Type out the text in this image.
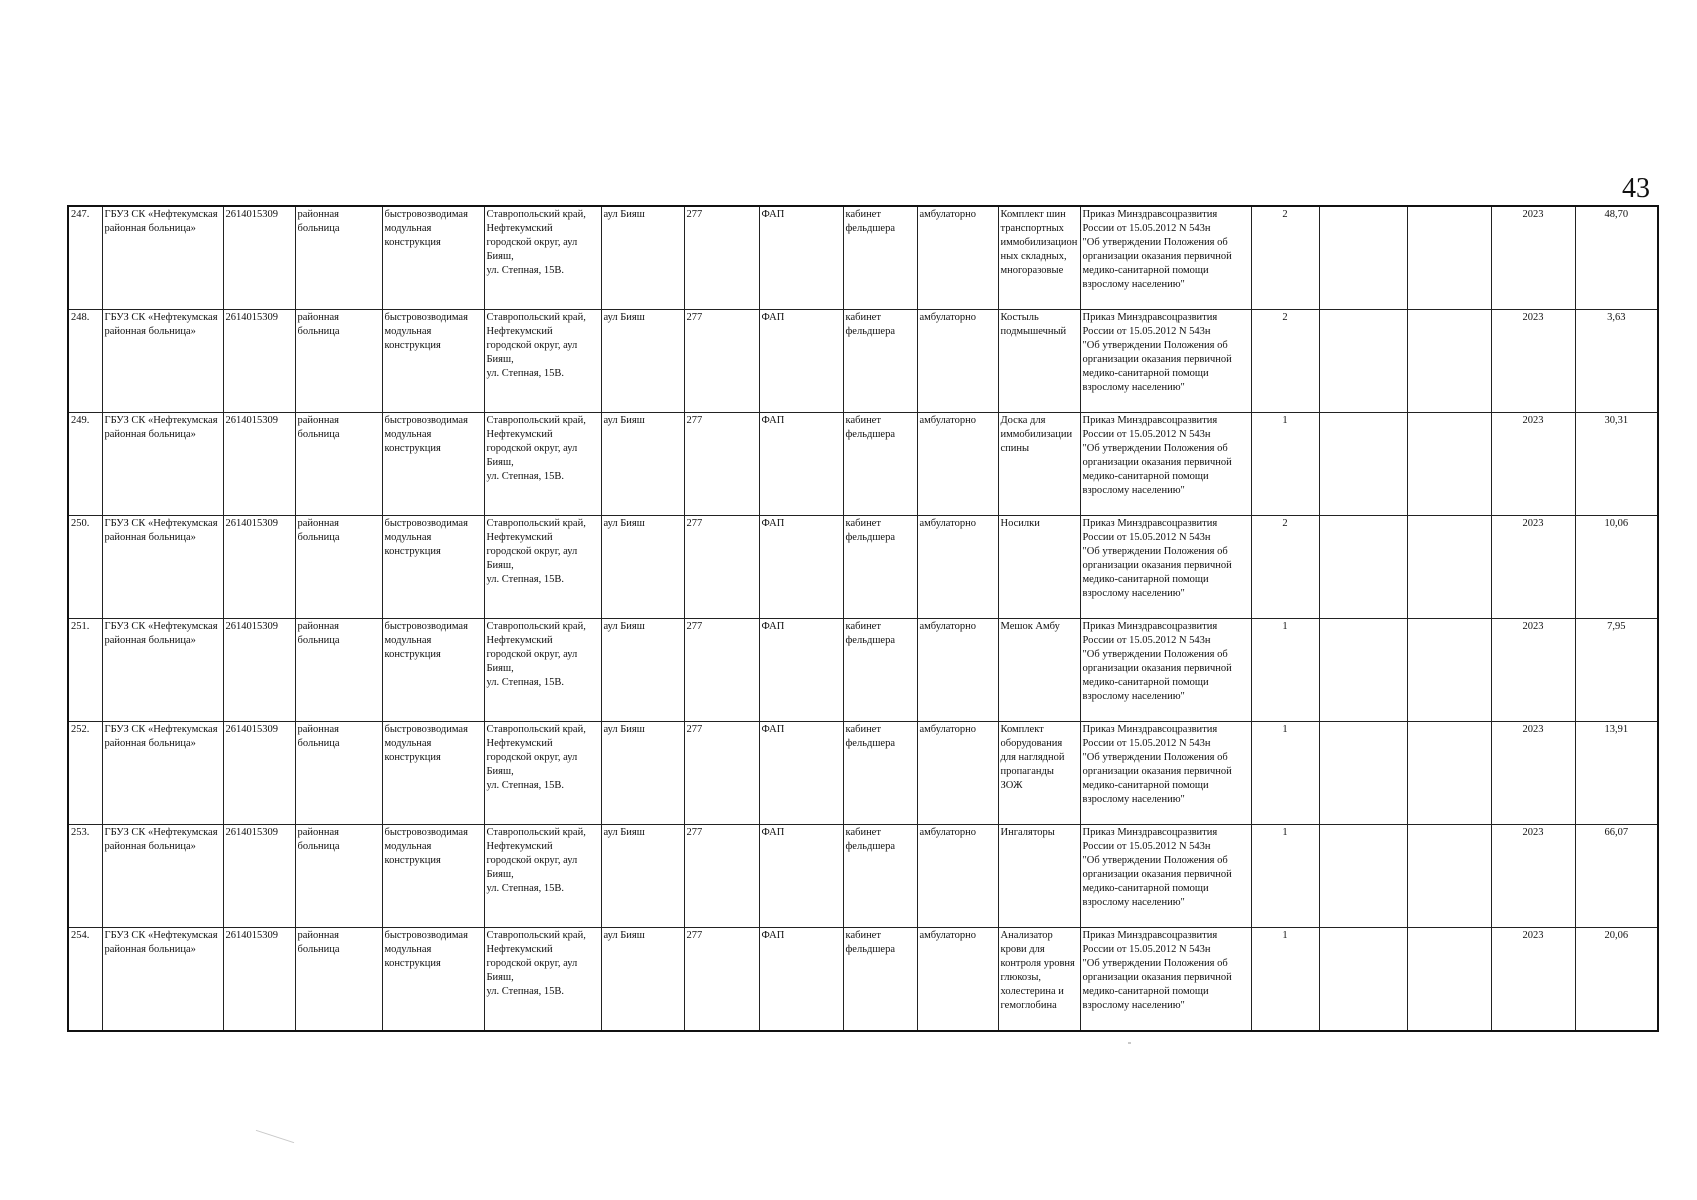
43
247.	ГБУЗ СК «Нефтекумская районная больница»	2614015309	районная больница	быстровозводимая модульная конструкция	Ставропольский край,
Нефтекумский городской округ, аул Бияш,
ул. Степная, 15В.	аул Бияш	277	ФАП	кабинет фельдшера	амбулаторно	Комплект шин транспортных иммобилизацион ных складных, многоразовые	Приказ Минздравсоцразвития России от 15.05.2012 N 543н
"Об утверждении Положения об организации оказания первичной медико-санитарной помощи взрослому населению"	2			2023	48,70
248.	ГБУЗ СК «Нефтекумская районная больница»	2614015309	районная больница	быстровозводимая модульная конструкция	Ставропольский край,
Нефтекумский городской округ, аул Бияш,
ул. Степная, 15В.	аул Бияш	277	ФАП	кабинет фельдшера	амбулаторно	Костыль подмышечный	Приказ Минздравсоцразвития России от 15.05.2012 N 543н
"Об утверждении Положения об организации оказания первичной медико-санитарной помощи взрослому населению"	2			2023	3,63
249.	ГБУЗ СК «Нефтекумская районная больница»	2614015309	районная больница	быстровозводимая модульная конструкция	Ставропольский край,
Нефтекумский городской округ, аул Бияш,
ул. Степная, 15В.	аул Бияш	277	ФАП	кабинет фельдшера	амбулаторно	Доска для иммобилизации спины	Приказ Минздравсоцразвития России от 15.05.2012 N 543н
"Об утверждении Положения об организации оказания первичной медико-санитарной помощи взрослому населению"	1			2023	30,31
250.	ГБУЗ СК «Нефтекумская районная больница»	2614015309	районная больница	быстровозводимая модульная конструкция	Ставропольский край,
Нефтекумский городской округ, аул Бияш,
ул. Степная, 15В.	аул Бияш	277	ФАП	кабинет фельдшера	амбулаторно	Носилки	Приказ Минздравсоцразвития России от 15.05.2012 N 543н
"Об утверждении Положения об организации оказания первичной медико-санитарной помощи взрослому населению"	2			2023	10,06
251.	ГБУЗ СК «Нефтекумская районная больница»	2614015309	районная больница	быстровозводимая модульная конструкция	Ставропольский край,
Нефтекумский городской округ, аул Бияш,
ул. Степная, 15В.	аул Бияш	277	ФАП	кабинет фельдшера	амбулаторно	Мешок Амбу	Приказ Минздравсоцразвития России от 15.05.2012 N 543н
"Об утверждении Положения об организации оказания первичной медико-санитарной помощи взрослому населению"	1			2023	7,95
252.	ГБУЗ СК «Нефтекумская районная больница»	2614015309	районная больница	быстровозводимая модульная конструкция	Ставропольский край,
Нефтекумский городской округ, аул Бияш,
ул. Степная, 15В.	аул Бияш	277	ФАП	кабинет фельдшера	амбулаторно	Комплект оборудования для наглядной пропаганды ЗОЖ	Приказ Минздравсоцразвития России от 15.05.2012 N 543н
"Об утверждении Положения об организации оказания первичной медико-санитарной помощи взрослому населению"	1			2023	13,91
253.	ГБУЗ СК «Нефтекумская районная больница»	2614015309	районная больница	быстровозводимая модульная конструкция	Ставропольский край,
Нефтекумский городской округ, аул Бияш,
ул. Степная, 15В.	аул Бияш	277	ФАП	кабинет фельдшера	амбулаторно	Ингаляторы	Приказ Минздравсоцразвития России от 15.05.2012 N 543н
"Об утверждении Положения об организации оказания первичной медико-санитарной помощи взрослому населению"	1			2023	66,07
254.	ГБУЗ СК «Нефтекумская районная больница»	2614015309	районная больница	быстровозводимая модульная конструкция	Ставропольский край,
Нефтекумский городской округ, аул Бияш,
ул. Степная, 15В.	аул Бияш	277	ФАП	кабинет фельдшера	амбулаторно	Анализатор крови для контроля уровня глюкозы, холестерина и гемоглобина	Приказ Минздравсоцразвития России от 15.05.2012 N 543н
"Об утверждении Положения об организации оказания первичной медико-санитарной помощи взрослому населению"	1			2023	20,06
